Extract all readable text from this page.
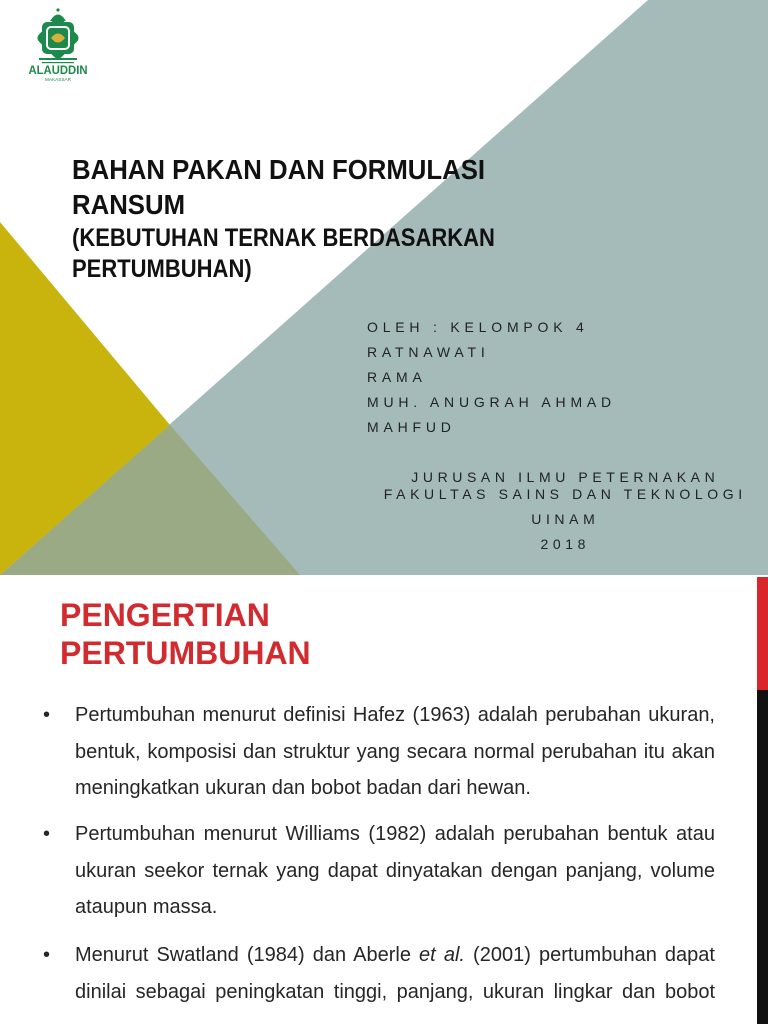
ALAUDDIN
MAKASSAR
BAHAN PAKAN DAN FORMULASI
RANSUM
(KEBUTUHAN TERNAK BERDASARKAN
PERTUMBUHAN)
OLEH : KELOMPOK 4
RATNAWATI
RAMA
MUH. ANUGRAH AHMAD
MAHFUD
JURUSAN ILMU PETERNAKAN
FAKULTAS SAINS DAN TEKNOLOGI
UINAM
2018
PENGERTIAN
PERTUMBUHAN
• Pertumbuhan menurut definisi Hafez (1963) adalah perubahan ukuran,
bentuk, komposisi dan struktur yang secara normal perubahan itu akan
meningkatkan ukuran dan bobot badan dari hewan.
• Pertumbuhan menurut Williams (1982) adalah perubahan bentuk atau
ukuran seekor ternak yang dapat dinyatakan dengan panjang, volume
ataupun massa.
• Menurut Swatland (1984) dan Aberle et al. (2001) pertumbuhan dapat
dinilai sebagai peningkatan tinggi, panjang, ukuran lingkar dan bobot
